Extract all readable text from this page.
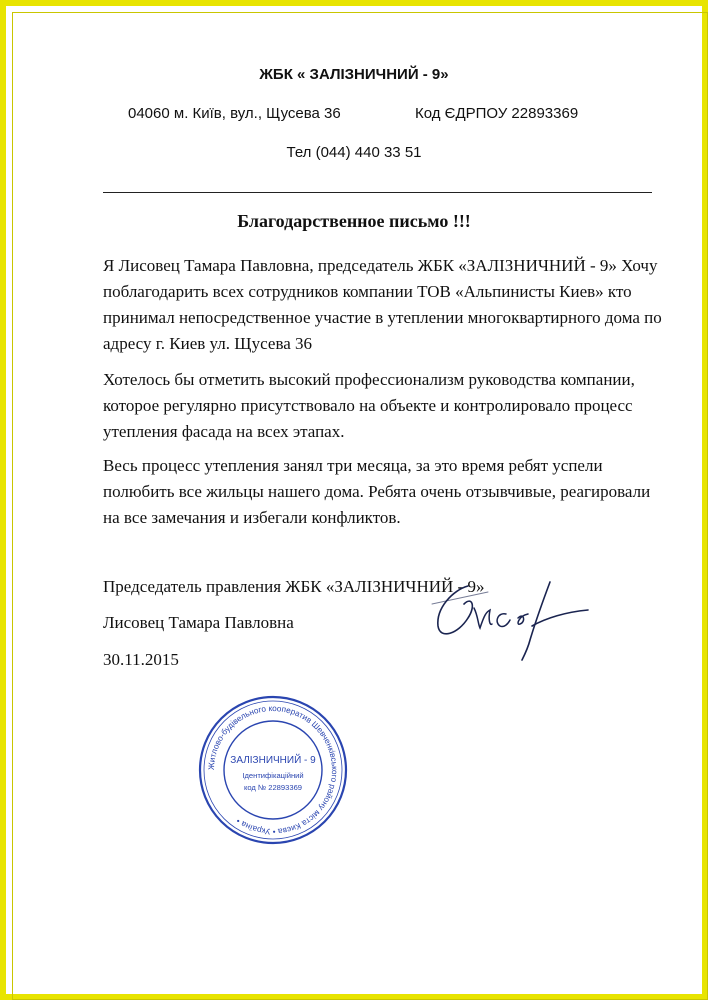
ЖБК « ЗАЛІЗНИЧНИЙ - 9»
04060 м. Київ, вул., Щусева 36	Код ЄДРПОУ 22893369
Тел (044) 440 33 51
Благодарственное письмо !!!
Я Лисовец Тамара Павловна, председатель ЖБК «ЗАЛІЗНИЧНИЙ - 9» Хочу поблагодарить всех сотрудников компании ТОВ «Альпинисты Киев» кто принимал непосредственное участие в утеплении многоквартирного дома по адресу г. Киев ул. Щусева 36
Хотелось бы отметить высокий профессионализм руководства компании, которое регулярно присутствовало на объекте и контролировало процесс утепления фасада на всех этапах.
Весь процесс утепления занял три месяца, за это время ребят успели полюбить все жильцы нашего дома. Ребята очень отзывчивые, реагировали на все замечания и избегали конфликтов.
Председатель правления ЖБК «ЗАЛІЗНИЧНИЙ - 9»
Лисовец Тамара Павловна
30.11.2015
Житлово-будівельного кооператив Шевченківського району міста Києва • Україна •
ЗАЛІЗНИЧНИЙ - 9
Ідентифікаційний
код № 22893369
